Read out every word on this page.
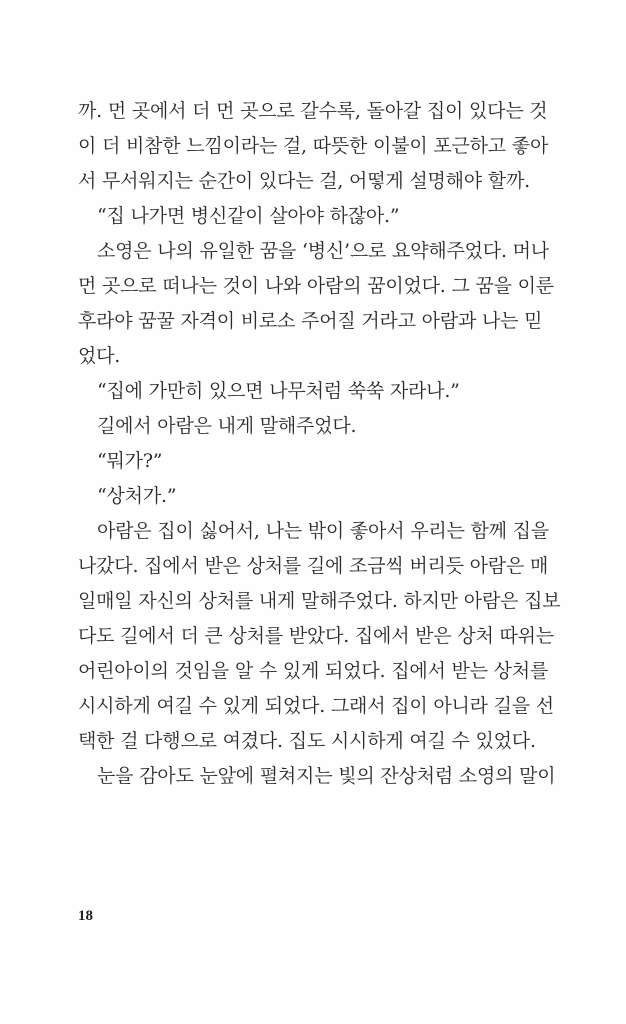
까. 먼 곳에서 더 먼 곳으로 갈수록, 돌아갈 집이 있다는 것
이 더 비참한 느낌이라는 걸, 따뜻한 이불이 포근하고 좋아
서 무서워지는 순간이 있다는 걸, 어떻게 설명해야 할까.
“집 나가면 병신같이 살아야 하잖아.”
소영은 나의 유일한 꿈을 ‘병신’으로 요약해주었다. 머나
먼 곳으로 떠나는 것이 나와 아람의 꿈이었다. 그 꿈을 이룬
후라야 꿈꿀 자격이 비로소 주어질 거라고 아람과 나는 믿
었다.
“집에 가만히 있으면 나무처럼 쑥쑥 자라나.”
길에서 아람은 내게 말해주었다.
“뭐가?”
“상처가.”
아람은 집이 싫어서, 나는 밖이 좋아서 우리는 함께 집을
나갔다. 집에서 받은 상처를 길에 조금씩 버리듯 아람은 매
일매일 자신의 상처를 내게 말해주었다. 하지만 아람은 집보
다도 길에서 더 큰 상처를 받았다. 집에서 받은 상처 따위는
어린아이의 것임을 알 수 있게 되었다. 집에서 받는 상처를
시시하게 여길 수 있게 되었다. 그래서 집이 아니라 길을 선
택한 걸 다행으로 여겼다. 집도 시시하게 여길 수 있었다.
눈을 감아도 눈앞에 펼쳐지는 빛의 잔상처럼 소영의 말이
18
